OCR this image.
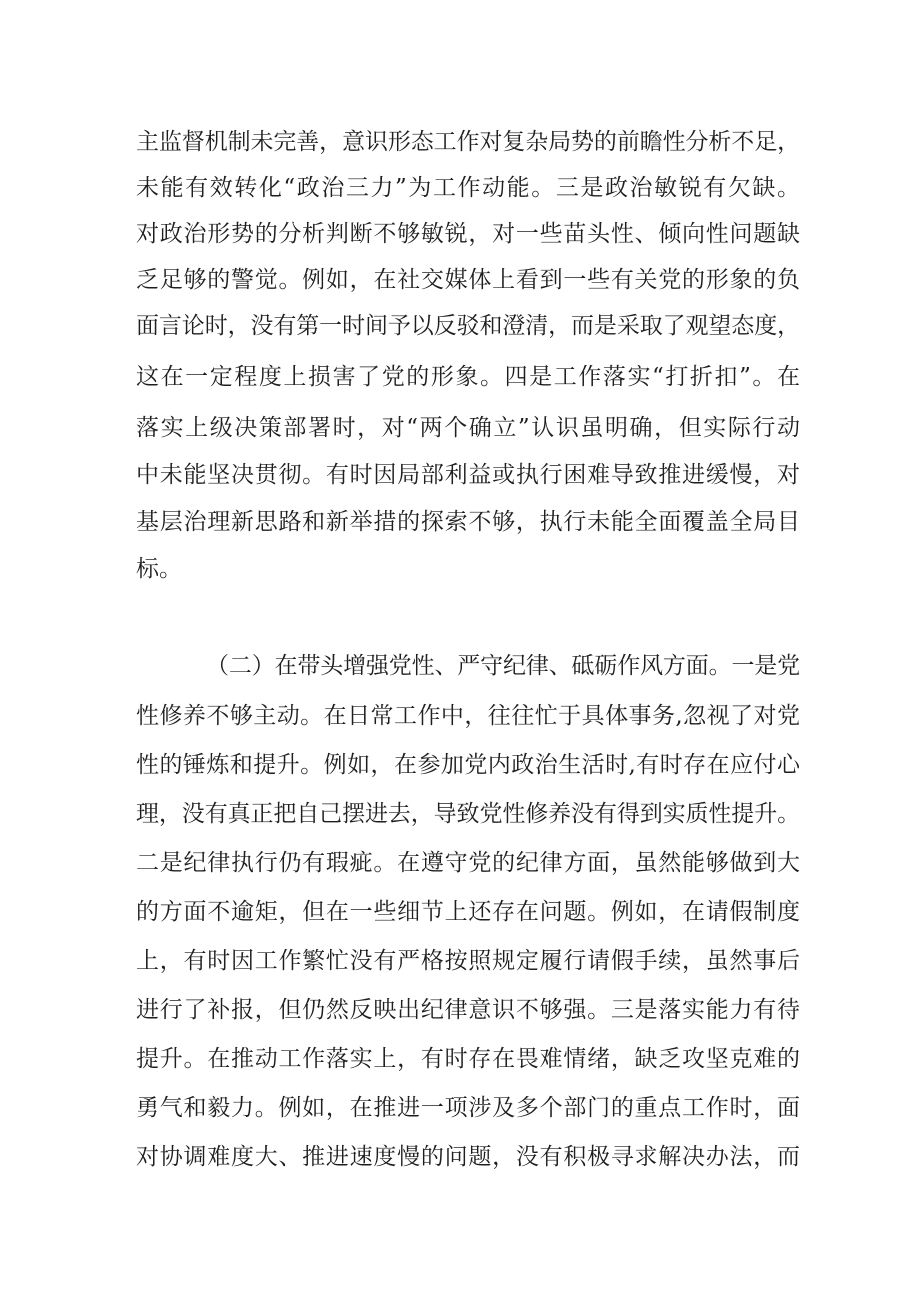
主监督机制未完善，意识形态工作对复杂局势的前瞻性分析不足，
未能有效转化“政治三力”为工作动能。三是政治敏锐有欠缺。
对政治形势的分析判断不够敏锐，对一些苗头性、倾向性问题缺
乏足够的警觉。例如，在社交媒体上看到一些有关党的形象的负
面言论时，没有第一时间予以反驳和澄清，而是采取了观望态度，
这在一定程度上损害了党的形象。四是工作落实“打折扣”。在
落实上级决策部署时，对“两个确立”认识虽明确，但实际行动
中未能坚决贯彻。有时因局部利益或执行困难导致推进缓慢，对
基层治理新思路和新举措的探索不够，执行未能全面覆盖全局目
标。
（二）在带头增强党性、严守纪律、砥砺作风方面。一是党
性修养不够主动。在日常工作中，往往忙于具体事务,忽视了对党
性的锤炼和提升。例如，在参加党内政治生活时,有时存在应付心
理，没有真正把自己摆进去，导致党性修养没有得到实质性提升。
二是纪律执行仍有瑕疵。在遵守党的纪律方面，虽然能够做到大
的方面不逾矩，但在一些细节上还存在问题。例如，在请假制度
上，有时因工作繁忙没有严格按照规定履行请假手续，虽然事后
进行了补报，但仍然反映出纪律意识不够强。三是落实能力有待
提升。在推动工作落实上，有时存在畏难情绪，缺乏攻坚克难的
勇气和毅力。例如，在推进一项涉及多个部门的重点工作时，面
对协调难度大、推进速度慢的问题，没有积极寻求解决办法，而
